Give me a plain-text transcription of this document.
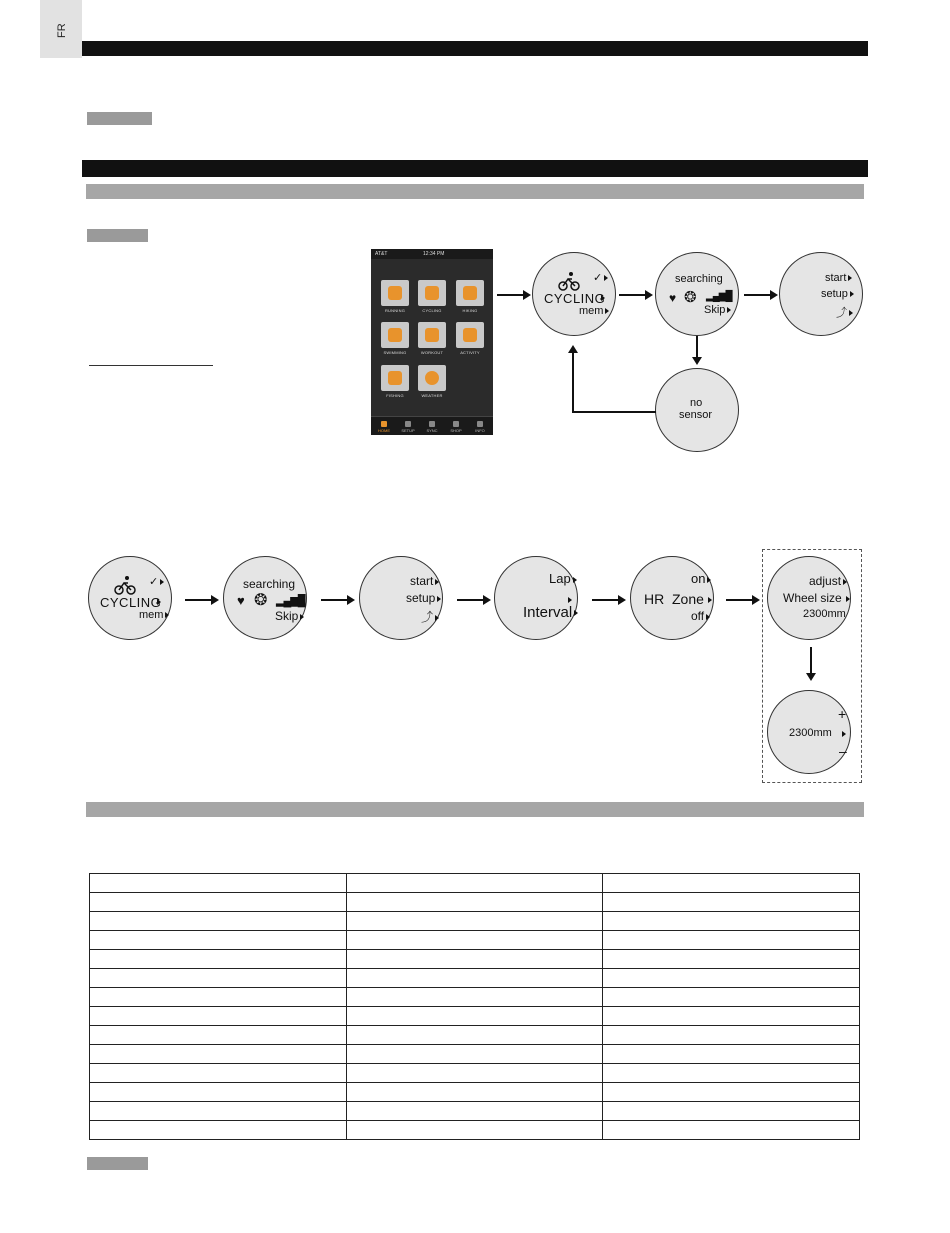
FR
AT&T	12:34 PM
RUNNING	CYCLING	HIKING
SWIMMING	WORKOUT	ACTIVITY
FISHING	WEATHER
HOME	SETUP	SYNC	SHOP	INFO
✓
CYCLING
mem
searching
♥ ❂ ▂▄▆█
Skip
start
setup
⤴
no
sensor
✓
CYCLING
mem
searching
♥ ❂ ▂▄▆█
Skip
start
setup
⤴
Lap
Interval
on
HR Zone
off
adjust
Wheel size
2300mm
+
2300mm
–
